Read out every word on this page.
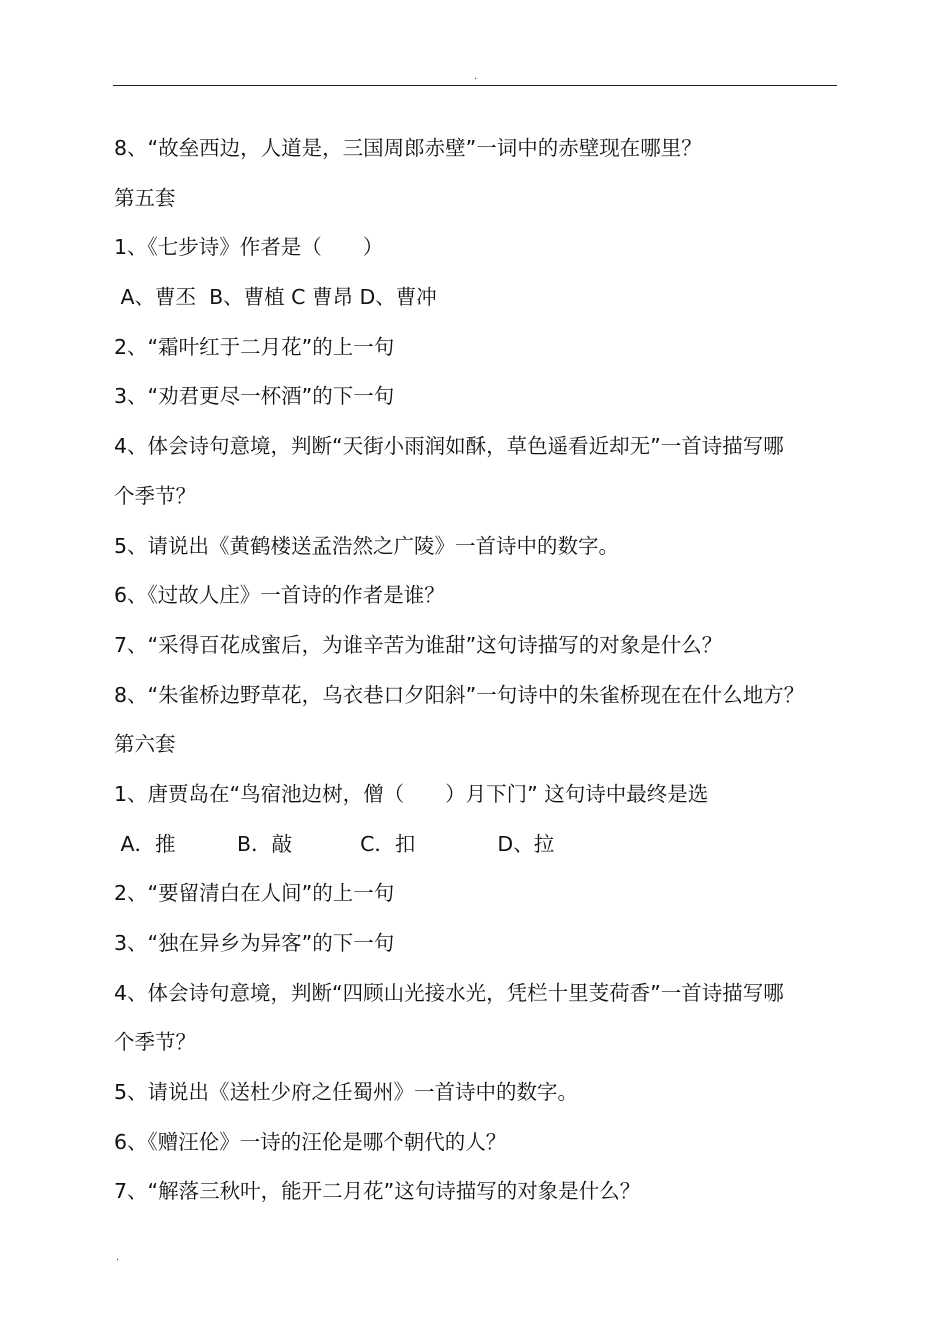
.
8、“故垒西边，人道是，三国周郎赤壁”一词中的赤壁现在哪里？
第五套
1、《七步诗》作者是（　　）
A、曹丕  B、曹植 C 曹昂 D、曹冲
2、“霜叶红于二月花”的上一句
3、“劝君更尽一杯酒”的下一句
4、体会诗句意境，判断“天街小雨润如酥，草色遥看近却无”一首诗描写哪
个季节？
5、请说出《黄鹤楼送孟浩然之广陵》一首诗中的数字。
6、《过故人庄》一首诗的作者是谁？
7、“采得百花成蜜后，为谁辛苦为谁甜”这句诗描写的对象是什么？
8、“朱雀桥边野草花，乌衣巷口夕阳斜”一句诗中的朱雀桥现在在什么地方？
第六套
1、唐贾岛在“鸟宿池边树，僧（　　）月下门” 这句诗中最终是选
A．推　　　B．敲　　　 C．扣　　　　D、拉
2、“要留清白在人间”的上一句
3、“独在异乡为异客”的下一句
4、体会诗句意境，判断“四顾山光接水光，凭栏十里芰荷香”一首诗描写哪
个季节？
5、请说出《送杜少府之任蜀州》一首诗中的数字。
6、《赠汪伦》一诗的汪伦是哪个朝代的人？
7、“解落三秋叶，能开二月花”这句诗描写的对象是什么？
.
